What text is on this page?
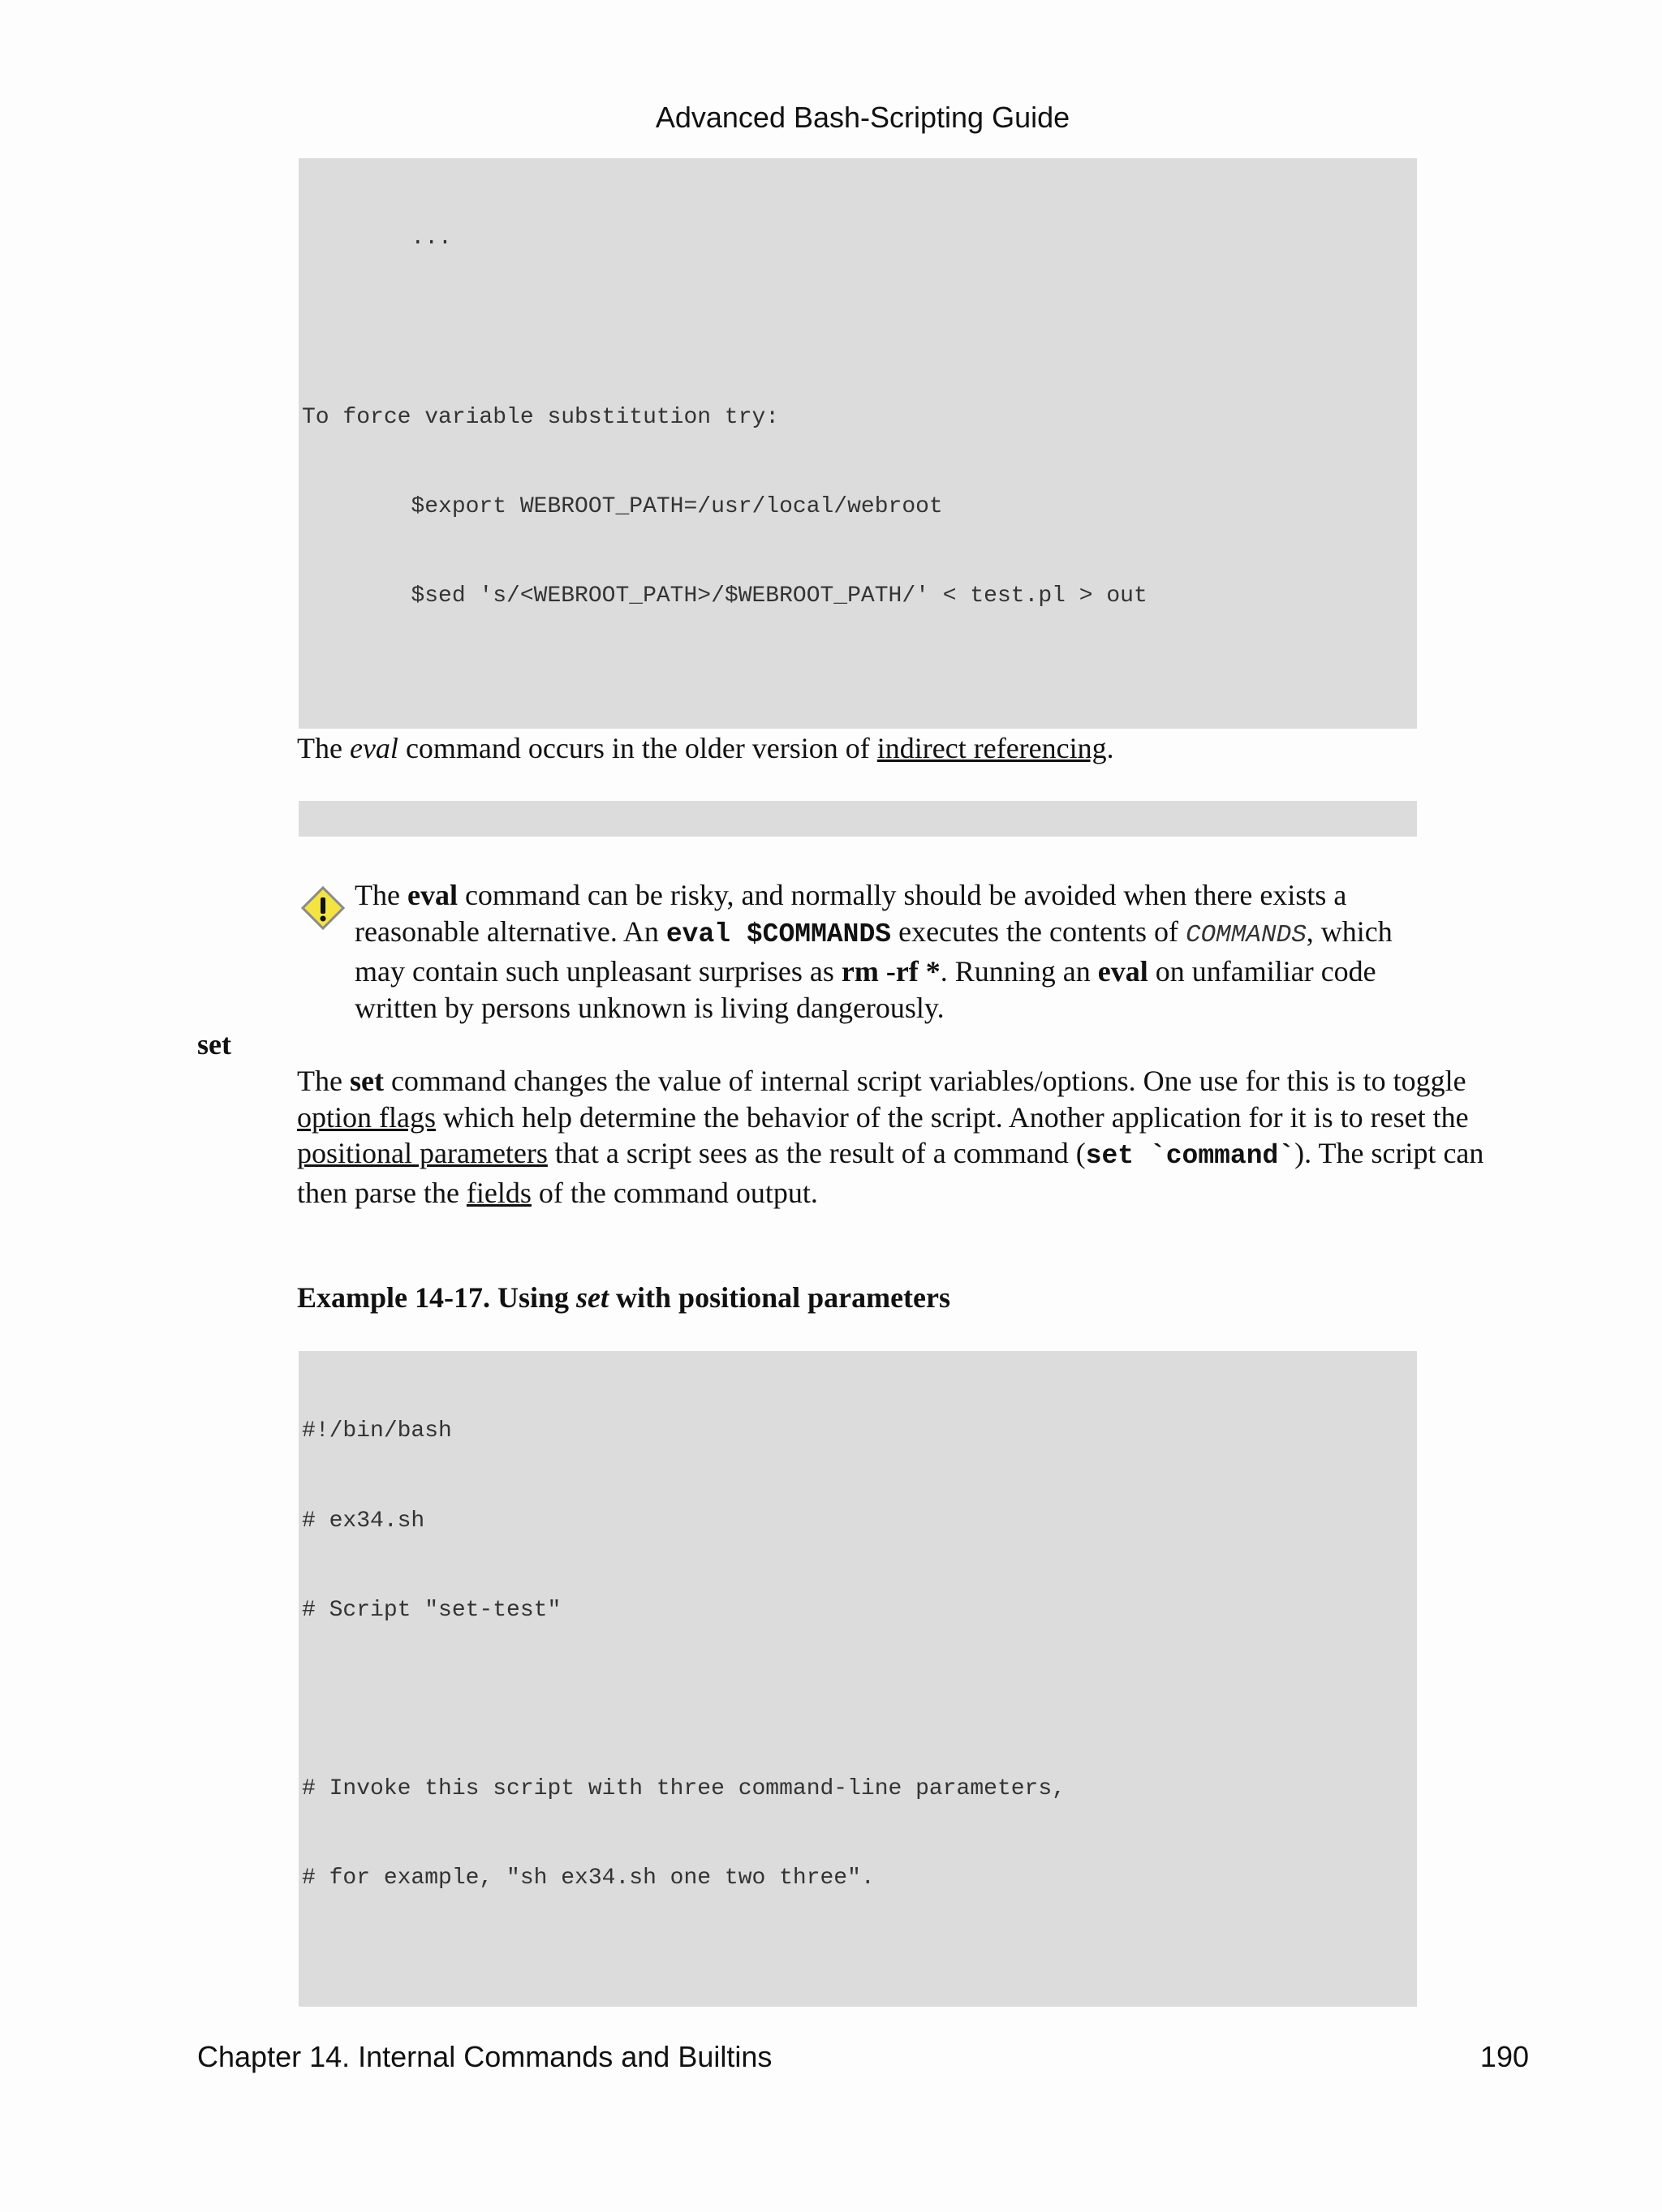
Advanced Bash-Scripting Guide

...

To force variable substitution try:

$export WEBROOT_PATH=/usr/local/webroot

$sed 's/<WEBROOT_PATH>/$WEBROOT_PATH/' < test.pl > out

The eval command occurs in the older version of indirect referencing.

The eval command can be risky, and normally should be avoided when there exists a reasonable alternative. An eval $COMMANDS executes the contents of COMMANDS, which may contain such unpleasant surprises as rm -rf *. Running an eval on unfamiliar code written by persons unknown is living dangerously.
set
The set command changes the value of internal script variables/options. One use for this is to toggle option flags which help determine the behavior of the script. Another application for it is to reset the positional parameters that a script sees as the result of a command (set `command`). The script can then parse the fields of the command output.
Example 14-17. Using set with positional parameters

#!/bin/bash

# ex34.sh

# Script "set-test"

# Invoke this script with three command-line parameters,

# for example, "sh ex34.sh one two three".

Chapter 14. Internal Commands and Builtins	190
